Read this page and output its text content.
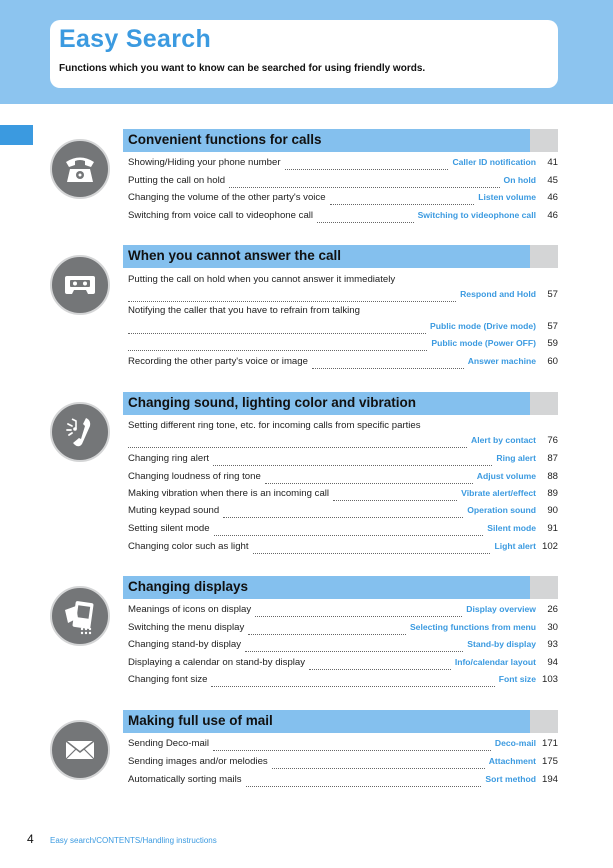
Easy Search
Functions which you want to know can be searched for using friendly words.
Convenient functions for calls
Showing/Hiding your phone number	Caller ID notification	41
Putting the call on hold	On hold	45
Changing the volume of the other party's voice	Listen volume	46
Switching from voice call to videophone call	Switching to videophone call	46
When you cannot answer the call
Putting the call on hold when you cannot answer it immediately
Respond and Hold	57
Notifying the caller that you have to refrain from talking
Public mode (Drive mode)	57
Public mode (Power OFF)	59
Recording the other party's voice or image	Answer machine	60
Changing sound, lighting color and vibration
Setting different ring tone, etc. for incoming calls from specific parties
Alert by contact	76
Changing ring alert	Ring alert	87
Changing loudness of ring tone	Adjust volume	88
Making vibration when there is an incoming call	Vibrate alert/effect	89
Muting keypad sound	Operation sound	90
Setting silent mode	Silent mode	91
Changing color such as light	Light alert 102
Changing displays
Meanings of icons on display	Display overview	26
Switching the menu display	Selecting functions from menu	30
Changing stand-by display	Stand-by display	93
Displaying a calendar on stand-by display	Info/calendar layout	94
Changing font size	Font size 103
Making full use of mail
Sending Deco-mail	Deco-mail 171
Sending images and/or melodies	Attachment 175
Automatically sorting mails	Sort method 194
4 Easy search/CONTENTS/Handling instructions
